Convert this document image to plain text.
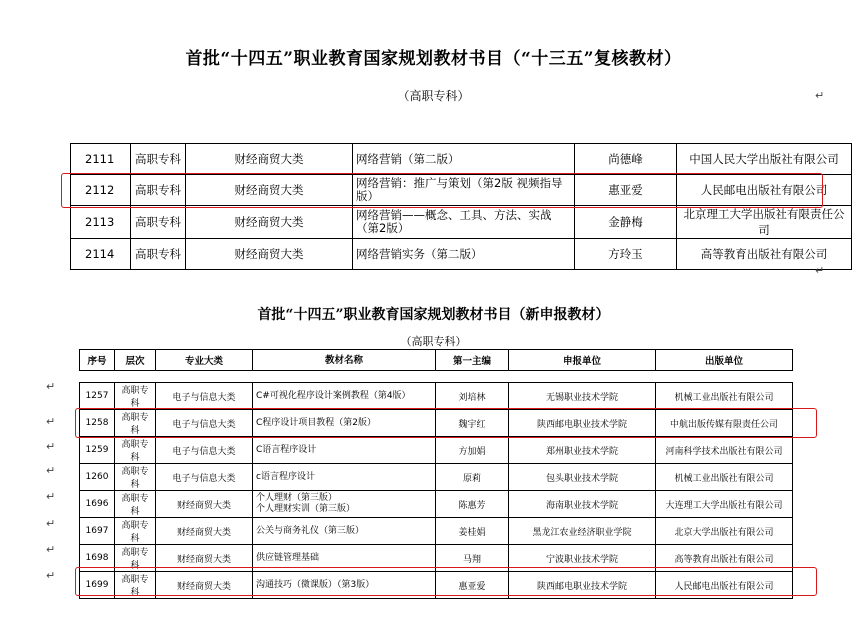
首批“十四五”职业教育国家规划教材书目（“十三五”复核教材）
（高职专科）	↵
2111	高职专科	财经商贸大类	网络营销（第二版）	尚德峰	中国人民大学出版社有限公司
2112	高职专科	财经商贸大类	网络营销：推广与策划（第2版 视频指导版）	惠亚爱	人民邮电出版社有限公司
2113	高职专科	财经商贸大类	网络营销——概念、工具、方法、实战（第2版）	金静梅	北京理工大学出版社有限责任公司
2114	高职专科	财经商贸大类	网络营销实务（第二版）	方玲玉	高等教育出版社有限公司
↵
首批“十四五”职业教育国家规划教材书目（新申报教材）
（高职专科）
序号	层次	专业大类	教材名称	第一主编	申报单位	出版单位
↵
↵
↵
↵
↵
↵
↵
↵
1257	高职专科	电子与信息大类	C#可视化程序设计案例教程（第4版）	刘培林	无锡职业技术学院	机械工业出版社有限公司
1258	高职专科	电子与信息大类	C程序设计项目教程（第2版）	魏宇红	陕西邮电职业技术学院	中航出版传媒有限责任公司
1259	高职专科	电子与信息大类	C语言程序设计	方加娟	郑州职业技术学院	河南科学技术出版社有限公司
1260	高职专科	电子与信息大类	c语言程序设计	原莉	包头职业技术学院	机械工业出版社有限公司
1696	高职专科	财经商贸大类	个人理财（第三版）
个人理财实训（第三版）	陈惠芳	海南职业技术学院	大连理工大学出版社有限公司
1697	高职专科	财经商贸大类	公关与商务礼仪（第三版）	姜桂娟	黑龙江农业经济职业学院	北京大学出版社有限公司
1698	高职专科	财经商贸大类	供应链管理基础	马翔	宁波职业技术学院	高等教育出版社有限公司
1699	高职专科	财经商贸大类	沟通技巧（微课版）（第3版）	惠亚爱	陕西邮电职业技术学院	人民邮电出版社有限公司
